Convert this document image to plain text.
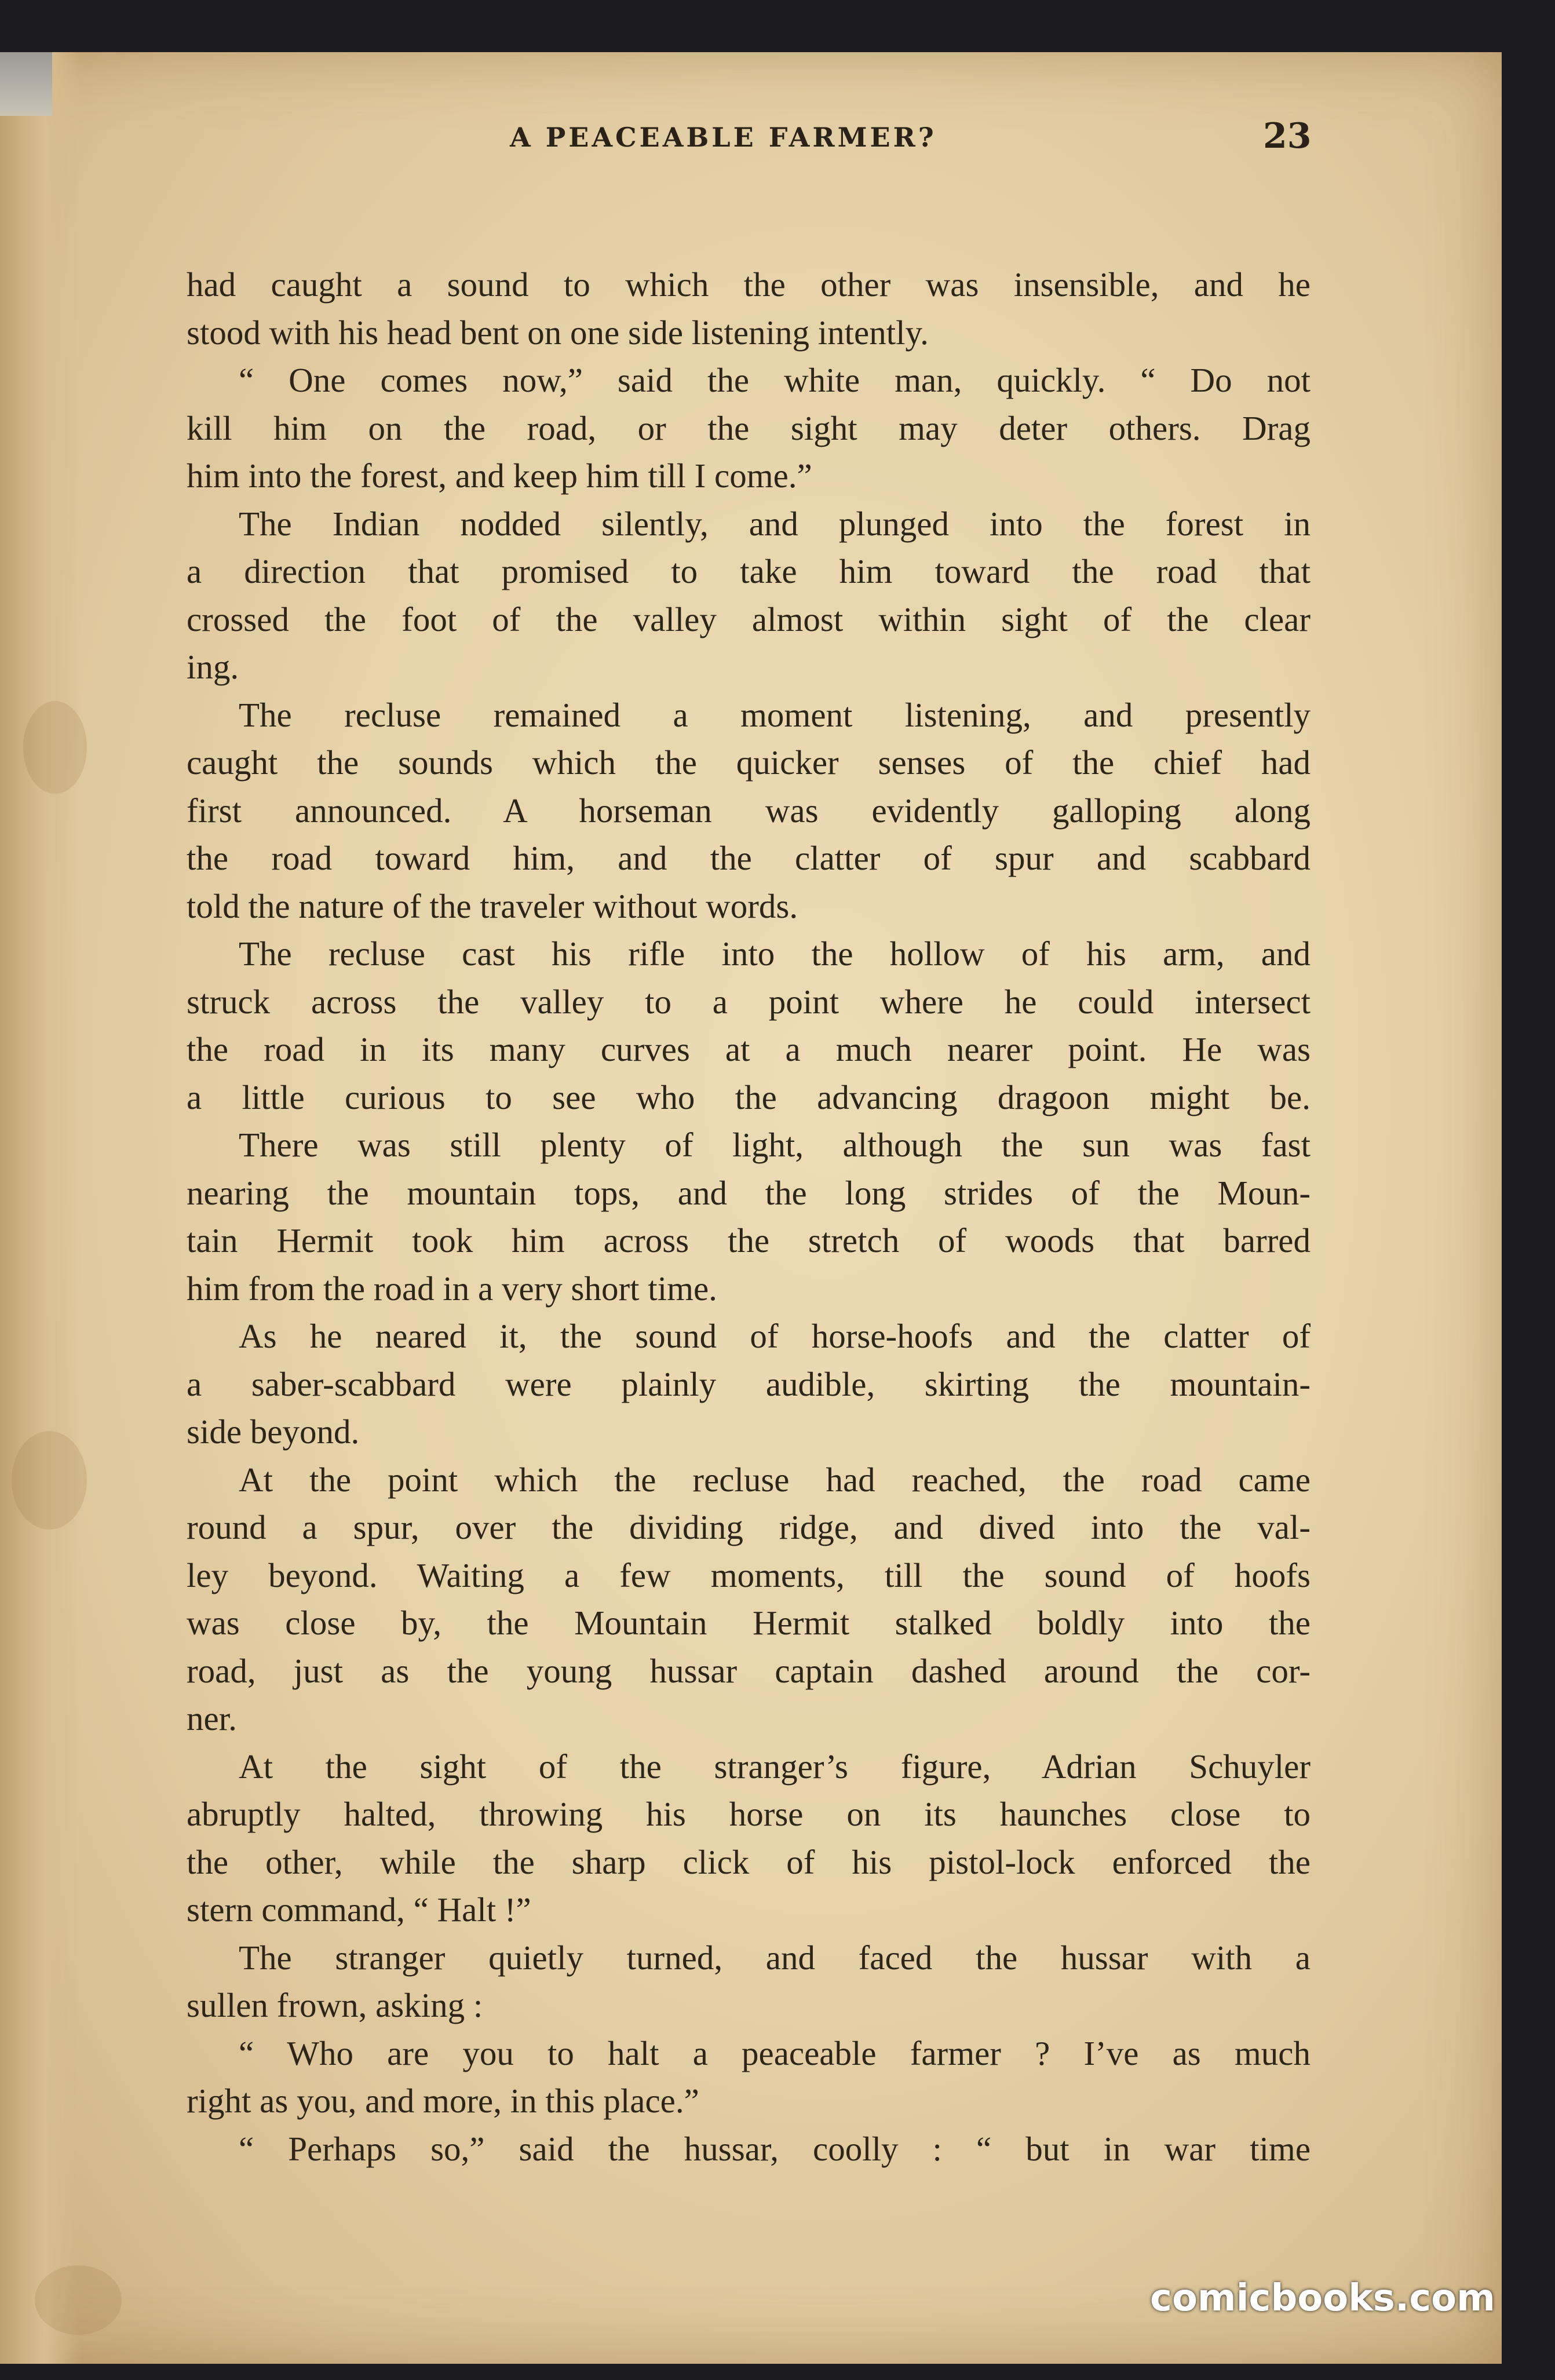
A PEACEABLE FARMER?	23
had caught a sound to which the other was insensible, and he
stood with his head bent on one side listening intently.
“ One comes now,” said the white man, quickly. “ Do not
kill him on the road, or the sight may deter others. Drag
him into the forest, and keep him till I come.”
The Indian nodded silently, and plunged into the forest in
a direction that promised to take him toward the road that
crossed the foot of the valley almost within sight of the clear
ing.
The recluse remained a moment listening, and presently
caught the sounds which the quicker senses of the chief had
first announced. A horseman was evidently galloping along
the road toward him, and the clatter of spur and scabbard
told the nature of the traveler without words.
The recluse cast his rifle into the hollow of his arm, and
struck across the valley to a point where he could intersect
the road in its many curves at a much nearer point. He was
a little curious to see who the advancing dragoon might be.
There was still plenty of light, although the sun was fast
nearing the mountain tops, and the long strides of the Moun-
tain Hermit took him across the stretch of woods that barred
him from the road in a very short time.
As he neared it, the sound of horse-hoofs and the clatter of
a saber-scabbard were plainly audible, skirting the mountain-
side beyond.
At the point which the recluse had reached, the road came
round a spur, over the dividing ridge, and dived into the val-
ley beyond. Waiting a few moments, till the sound of hoofs
was close by, the Mountain Hermit stalked boldly into the
road, just as the young hussar captain dashed around the cor-
ner.
At the sight of the stranger’s figure, Adrian Schuyler
abruptly halted, throwing his horse on its haunches close to
the other, while the sharp click of his pistol-lock enforced the
stern command, “ Halt !”
The stranger quietly turned, and faced the hussar with a
sullen frown, asking :
“ Who are you to halt a peaceable farmer ? I’ve as much
right as you, and more, in this place.”
“ Perhaps so,” said the hussar, coolly : “ but in war time
comicbooks.com
